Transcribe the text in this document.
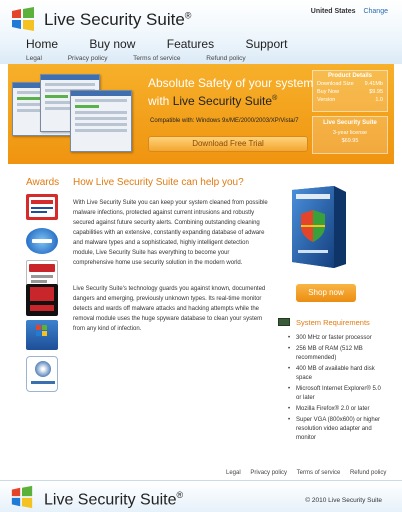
Live Security Suite®	United States Change
Home	Buy now	Features	Support
Legal	Privacy policy	Terms of service	Refund policy
Absolute Safety of your system
with Live Security Suite®
Compatible with: Windows 9x/ME/2000/2003/XP/Vista/7
Download Free Trial
Product Details
Download Size 9.41Mb
Buy Now	$9.95
Version	1.0
Live Security Suite
3-year license
$69.95
Awards How Live Security Suite can help you?
With Live Security Suite you can keep your system cleaned from possible malware infections, protected against current intrusions and robustly secured against future security alerts. Combining outstanding cleaning capabilities with an extensive, constantly expanding database of adware and malware types and a sophisticated, highly intelligent detection module, Live Security Suite has everything to become your comprehensive home use security solution in the modern world.
Live Security Suite's technology guards you against known, documented dangers and emerging, previously unknown types. Its real-time monitor detects and wards off malware attacks and hacking attempts while the removal module uses the huge spyware database to clean your system from any kind of infection.
Shop now
System Requirements
• 300 MHz or faster processor
• 256 MB of RAM (512 MB recommended)
• 400 MB of available hard disk space
• Microsoft Internet Explorer® 5.0 or later
• Mozilla Firefox® 2.0 or later
• Super VGA (800x600) or higher resolution video adapter and monitor
Legal Privacy policy Terms of service Refund policy
Live Security Suite®
© 2010 Live Security Suite
